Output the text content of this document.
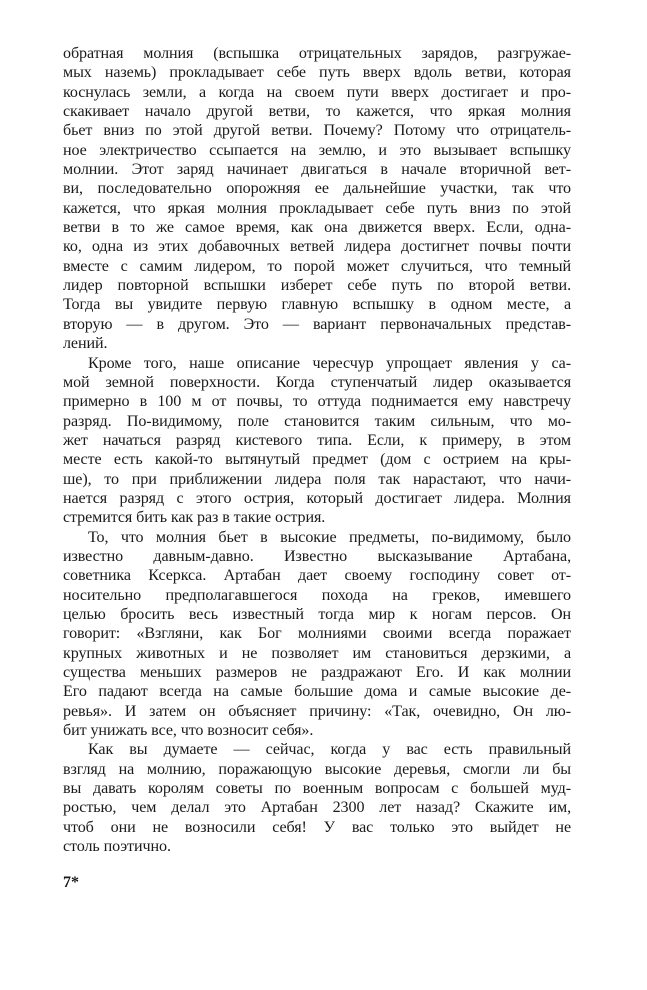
обратная молния (вспышка отрицательных зарядов, разгружае-
мых наземь) прокладывает себе путь вверх вдоль ветви, которая
коснулась земли, а когда на своем пути вверх достигает и про-
скакивает начало другой ветви, то кажется, что яркая молния
бьет вниз по этой другой ветви. Почему? Потому что отрицатель-
ное электричество ссыпается на землю, и это вызывает вспышку
молнии. Этот заряд начинает двигаться в начале вторичной вет-
ви, последовательно опорожняя ее дальнейшие участки, так что
кажется, что яркая молния прокладывает себе путь вниз по этой
ветви в то же самое время, как она движется вверх. Если, одна-
ко, одна из этих добавочных ветвей лидера достигнет почвы почти
вместе с самим лидером, то порой может случиться, что темный
лидер повторной вспышки изберет себе путь по второй ветви.
Тогда вы увидите первую главную вспышку в одном месте, а
вторую — в другом. Это — вариант первоначальных представ-
лений.
Кроме того, наше описание чересчур упрощает явления у са-
мой земной поверхности. Когда ступенчатый лидер оказывается
примерно в 100 м от почвы, то оттуда поднимается ему навстречу
разряд. По-видимому, поле становится таким сильным, что мо-
жет начаться разряд кистевого типа. Если, к примеру, в этом
месте есть какой-то вытянутый предмет (дом с острием на кры-
ше), то при приближении лидера поля так нарастают, что начи-
нается разряд с этого острия, который достигает лидера. Молния
стремится бить как раз в такие острия.
То, что молния бьет в высокие предметы, по-видимому, было
известно давным-давно. Известно высказывание Артабана,
советника Ксеркса. Артабан дает своему господину совет от-
носительно предполагавшегося похода на греков, имевшего
целью бросить весь известный тогда мир к ногам персов. Он
говорит: «Взгляни, как Бог молниями своими всегда поражает
крупных животных и не позволяет им становиться дерзкими, а
существа меньших размеров не раздражают Его. И как молнии
Его падают всегда на самые большие дома и самые высокие де-
ревья». И затем он объясняет причину: «Так, очевидно, Он лю-
бит унижать все, что возносит себя».
Как вы думаете — сейчас, когда у вас есть правильный
взгляд на молнию, поражающую высокие деревья, смогли ли бы
вы давать королям советы по военным вопросам с большей муд-
ростью, чем делал это Артабан 2300 лет назад? Скажите им,
чтоб они не возносили себя! У вас только это выйдет не
столь поэтично.
7*
